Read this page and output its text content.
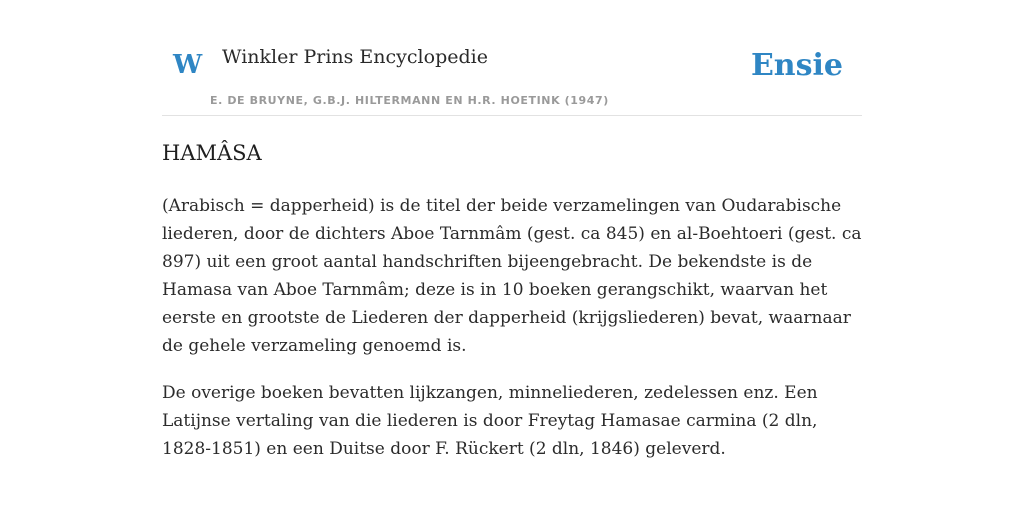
W Winkler Prins Encyclopedie
E. DE BRUYNE, G.B.J. HILTERMANN EN H.R. HOETINK (1947)
Ensie
HAMÂSA

(Arabisch = dapperheid) is de titel der beide verzamelingen van Oudarabische liederen, door de dichters Aboe Tarnmâm (gest. ca 845) en al-Boehtoeri (gest. ca 897) uit een groot aantal handschriften bijeengebracht. De bekendste is de Hamasa van Aboe Tarnmâm; deze is in 10 boeken gerangschikt, waarvan het eerste en grootste de Liederen der dapperheid (krijgsliederen) bevat, waarnaar de gehele verzameling genoemd is.

De overige boeken bevatten lijkzangen, minneliederen, zedelessen enz. Een Latijnse vertaling van die liederen is door Freytag Hamasae carmina (2 dln, 1828-1851) en een Duitse door F. Rückert (2 dln, 1846) geleverd.
